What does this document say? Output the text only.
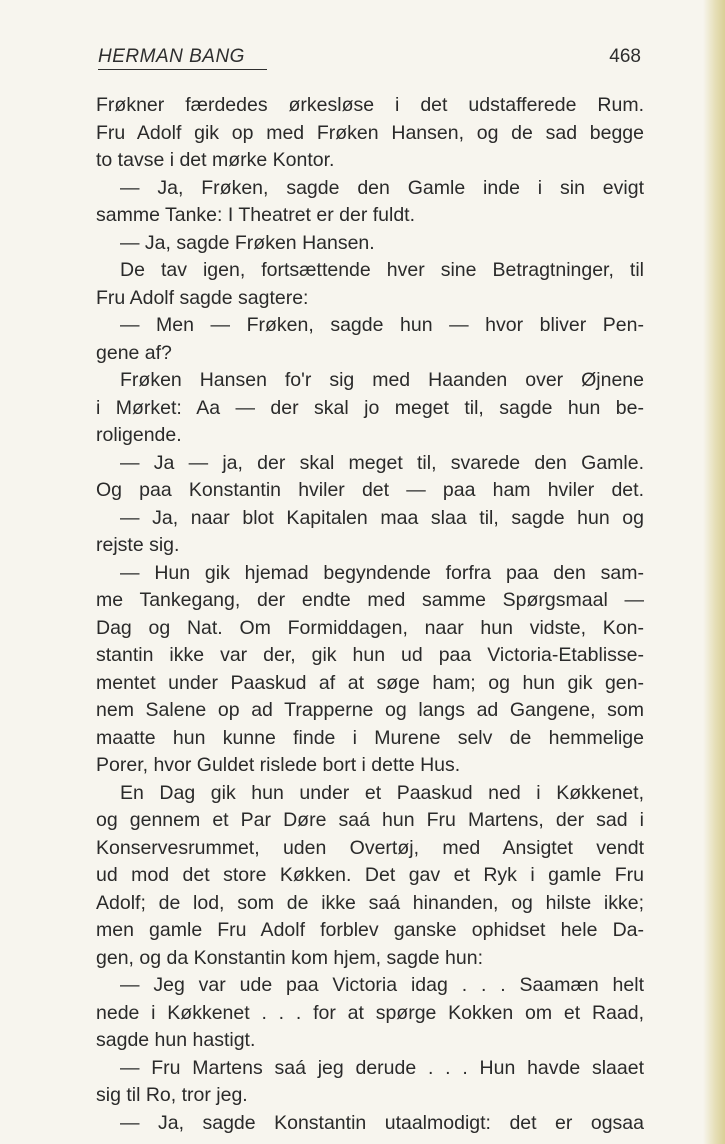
HERMAN BANG	468
Frøkner færdedes ørkesløse i det udstafferede Rum.
Fru Adolf gik op med Frøken Hansen, og de sad begge
to tavse i det mørke Kontor.
— Ja, Frøken, sagde den Gamle inde i sin evigt
samme Tanke: I Theatret er der fuldt.
— Ja, sagde Frøken Hansen.
De tav igen, fortsættende hver sine Betragtninger, til
Fru Adolf sagde sagtere:
— Men — Frøken, sagde hun — hvor bliver Pen-
gene af?
Frøken Hansen fo'r sig med Haanden over Øjnene
i Mørket: Aa — der skal jo meget til, sagde hun be-
roligende.
— Ja — ja, der skal meget til, svarede den Gamle.
Og paa Konstantin hviler det — paa ham hviler det.
— Ja, naar blot Kapitalen maa slaa til, sagde hun og
rejste sig.
— Hun gik hjemad begyndende forfra paa den sam-
me Tankegang, der endte med samme Spørgsmaal —
Dag og Nat. Om Formiddagen, naar hun vidste, Kon-
stantin ikke var der, gik hun ud paa Victoria-Etablisse-
mentet under Paaskud af at søge ham; og hun gik gen-
nem Salene op ad Trapperne og langs ad Gangene, som
maatte hun kunne finde i Murene selv de hemmelige
Porer, hvor Guldet rislede bort i dette Hus.
En Dag gik hun under et Paaskud ned i Køkkenet,
og gennem et Par Døre saá hun Fru Martens, der sad i
Konservesrummet, uden Overtøj, med Ansigtet vendt
ud mod det store Køkken. Det gav et Ryk i gamle Fru
Adolf; de lod, som de ikke saá hinanden, og hilste ikke;
men gamle Fru Adolf forblev ganske ophidset hele Da-
gen, og da Konstantin kom hjem, sagde hun:
— Jeg var ude paa Victoria idag . . . Saamæn helt
nede i Køkkenet . . . for at spørge Kokken om et Raad,
sagde hun hastigt.
— Fru Martens saá jeg derude . . . Hun havde slaaet
sig til Ro, tror jeg.
— Ja, sagde Konstantin utaalmodigt: det er ogsaa
